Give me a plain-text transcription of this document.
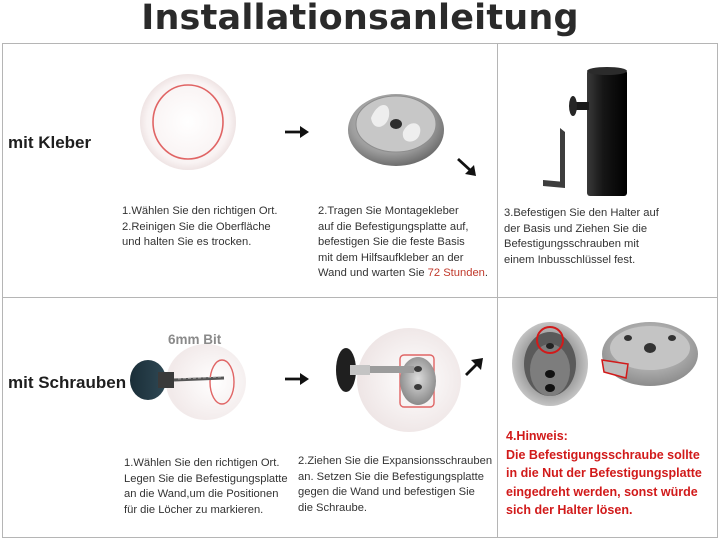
Installationsanleitung
mit Kleber
mit Schrauben
1.Wählen Sie den richtigen Ort.
2.Reinigen Sie die Oberfläche
und halten Sie es trocken.
2.Tragen Sie Montagekleber
auf die Befestigungsplatte auf,
befestigen Sie die feste Basis
mit dem Hilfsaufkleber an der
Wand und warten Sie 72 Stunden.
3.Befestigen Sie den Halter auf
der Basis und Ziehen Sie die
Befestigungsschrauben mit
einem Inbusschlüssel fest.
6mm Bit
1.Wählen Sie den richtigen Ort.
Legen Sie die Befestigungsplatte
an die Wand,um die Positionen
für die Löcher zu markieren.
2.Ziehen Sie die Expansionsschrauben
an. Setzen Sie die Befestigungsplatte
gegen die Wand und befestigen Sie
die Schraube.
4.Hinweis:
Die Befestigungsschraube sollte
in die Nut der Befestigungsplatte
eingedreht werden, sonst würde
sich der Halter lösen.
